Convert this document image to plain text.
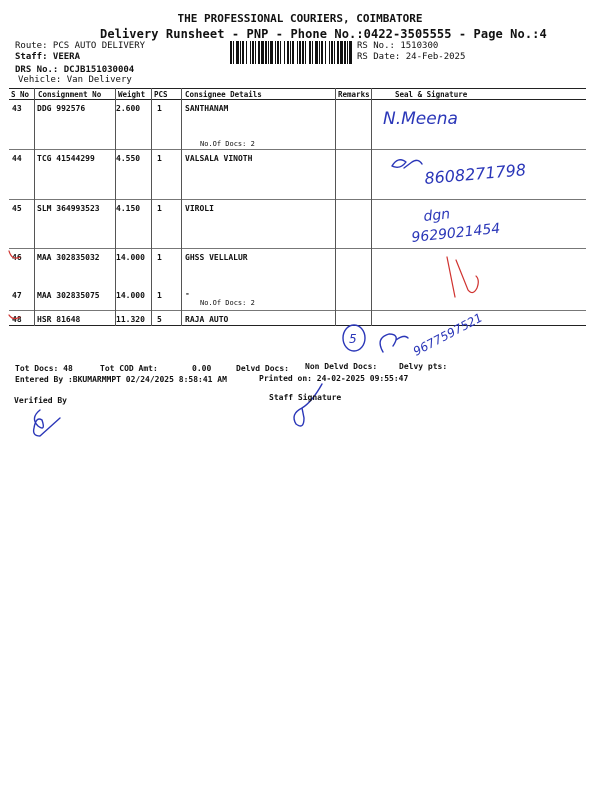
THE PROFESSIONAL COURIERS, COIMBATORE
Delivery Runsheet - PNP - Phone No.:0422-3505555 - Page No.:4
Route: PCS AUTO DELIVERY
Staff: VEERA
DRS No.: DCJB151030004
Vehicle: Van Delivery
RS No.: 1510300
RS Date: 24-Feb-2025
S No Consignment No Weight PCS Consignee Details	Remarks	Seal & Signature
43 DDG 992576	2.600 1	SANTHANAM
No.Of Docs: 2
44 TCG 41544299	4.550 1	VALSALA VINOTH
45 SLM 364993523 4.150 1	VIROLI
46 MAA 302835032 14.000 1	GHSS VELLALUR
47 MAA 302835075 14.000 1	-
No.Of Docs: 2
48 HSR 81648	11.320 5	RAJA AUTO
N.Meena
8608271798
dgn
9629021454
5	9677597521
Tot Docs: 48	Tot COD Amt:	0.00	Delvd Docs: Non Delvd Docs:	Delvy pts:
Entered By :BKUMARMMPT 02/24/2025 8:58:41 AM	Printed on: 24-02-2025 09:55:47
Verified By	Staff Signature
